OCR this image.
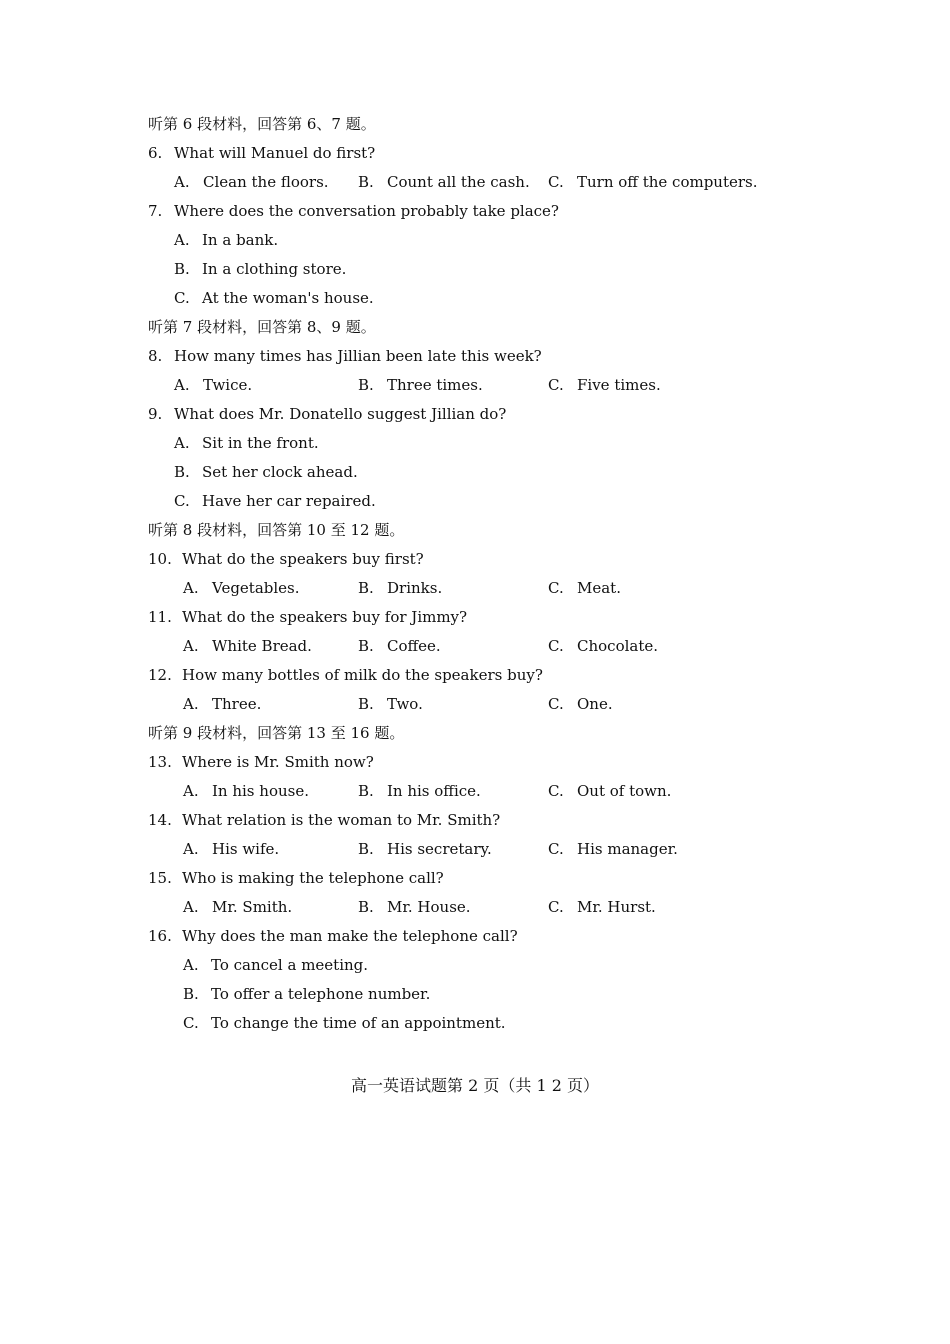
听第 6 段材料，回答第 6、7 题。
6. What will Manuel do first?
A. Clean the floors. B. Count all the cash. C. Turn off the computers.
7. Where does the conversation probably take place?
A. In a bank.
B. In a clothing store.
C. At the woman's house.
听第 7 段材料，回答第 8、9 题。
8. How many times has Jillian been late this week?
A. Twice.	B. Three times.	C. Five times.
9. What does Mr. Donatello suggest Jillian do?
A. Sit in the front.
B. Set her clock ahead.
C. Have her car repaired.
听第 8 段材料，回答第 10 至 12 题。
10. What do the speakers buy first?
A. Vegetables.	B. Drinks.	C. Meat.
11. What do the speakers buy for Jimmy?
A. White Bread.	B. Coffee.	C. Chocolate.
12. How many bottles of milk do the speakers buy?
A. Three.	B. Two.	C. One.
听第 9 段材料，回答第 13 至 16 题。
13. Where is Mr. Smith now?
A. In his house.	B. In his office.	C. Out of town.
14. What relation is the woman to Mr. Smith?
A. His wife.	B. His secretary.	C. His manager.
15. Who is making the telephone call?
A. Mr. Smith.	B. Mr. House.	C. Mr. Hurst.
16. Why does the man make the telephone call?
A. To cancel a meeting.
B. To offer a telephone number.
C. To change the time of an appointment.
高一英语试题第 2 页（共 1 2 页）
